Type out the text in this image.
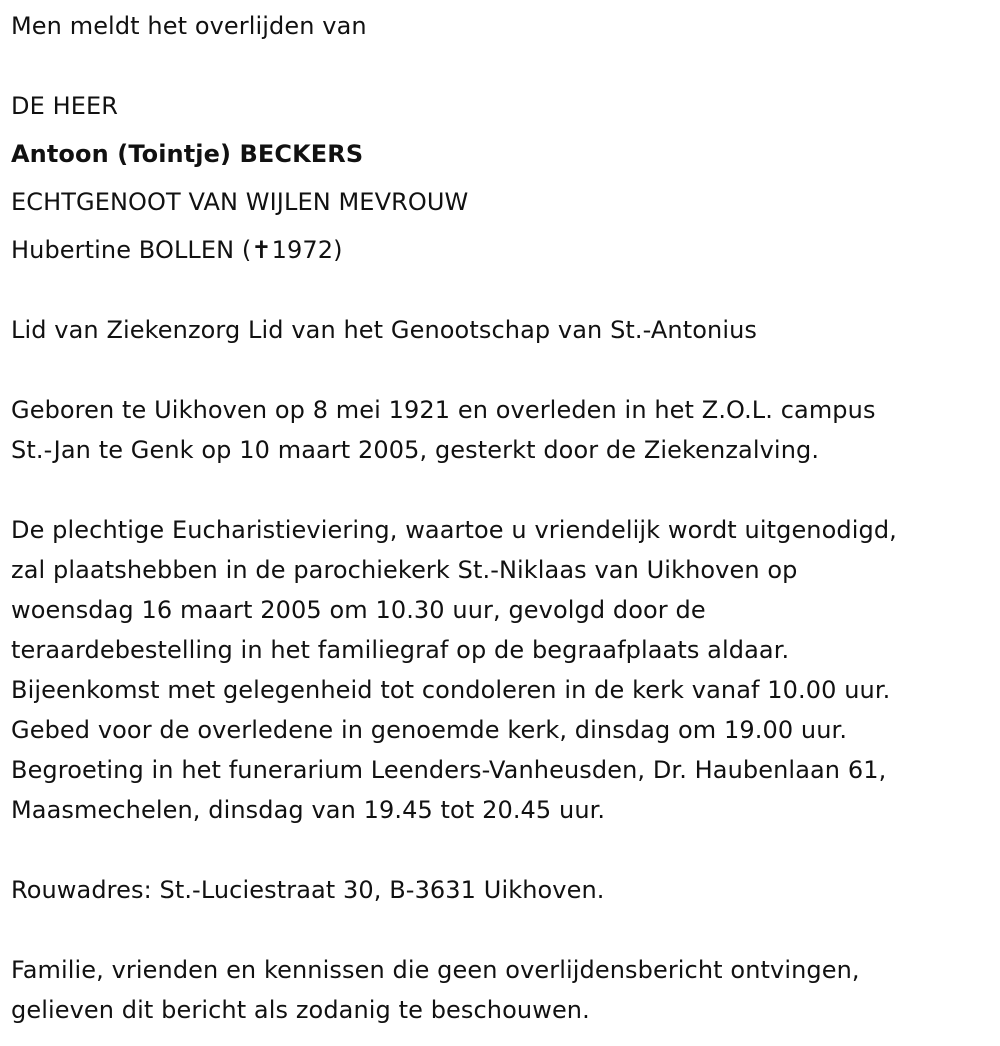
Men meldt het overlijden van
DE HEER
Antoon (Tointje) BECKERS
ECHTGENOOT VAN WIJLEN MEVROUW
Hubertine BOLLEN (✝1972)
Lid van Ziekenzorg Lid van het Genootschap van St.-Antonius
Geboren te Uikhoven op 8 mei 1921 en overleden in het Z.O.L. campus
St.-Jan te Genk op 10 maart 2005, gesterkt door de Ziekenzalving.
De plechtige Eucharistieviering, waartoe u vriendelijk wordt uitgenodigd,
zal plaatshebben in de parochiekerk St.-Niklaas van Uikhoven op
woensdag 16 maart 2005 om 10.30 uur, gevolgd door de
teraardebestelling in het familiegraf op de begraafplaats aldaar.
Bijeenkomst met gelegenheid tot condoleren in de kerk vanaf 10.00 uur.
Gebed voor de overledene in genoemde kerk, dinsdag om 19.00 uur.
Begroeting in het funerarium Leenders-Vanheusden, Dr. Haubenlaan 61,
Maasmechelen, dinsdag van 19.45 tot 20.45 uur.
Rouwadres: St.-Luciestraat 30, B-3631 Uikhoven.
Familie, vrienden en kennissen die geen overlijdensbericht ontvingen,
gelieven dit bericht als zodanig te beschouwen.
